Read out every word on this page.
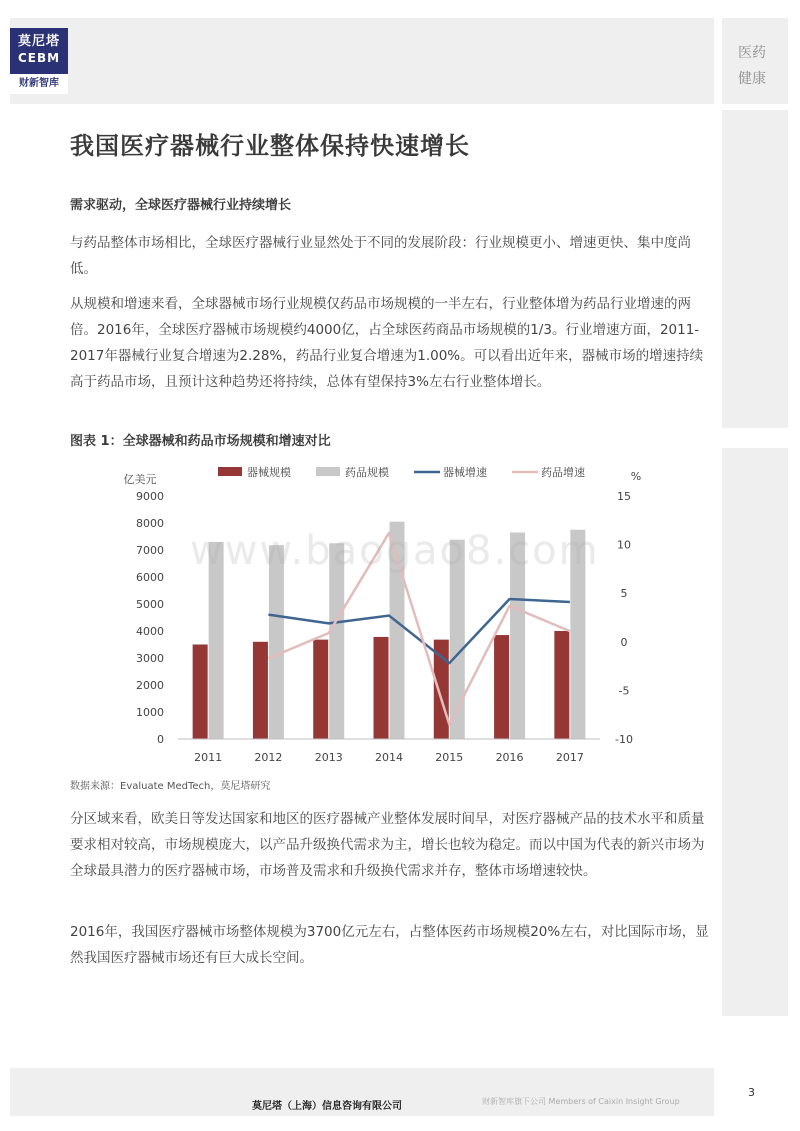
莫尼塔
CEBM
财新智库
医药
健康
我国医疗器械行业整体保持快速增长
需求驱动，全球医疗器械行业持续增长

与药品整体市场相比，全球医疗器械行业显然处于不同的发展阶段：行业规模更小、增速更快、集中度尚低。

从规模和增速来看，全球器械市场行业规模仅药品市场规模的一半左右，行业整体增为药品行业增速的两倍。2016年，全球医疗器械市场规模约4000亿，占全球医药商品市场规模的1/3。行业增速方面，2011-2017年器械行业复合增速为2.28%，药品行业复合增速为1.00%。可以看出近年来，器械市场的增速持续高于药品市场，且预计这种趋势还将持续，总体有望保持3%左右行业整体增长。

图表 1：全球器械和药品市场规模和增速对比
0
1000
2000
3000
4000
5000
6000
7000
8000
9000
-10
-5
0
5
10
15
亿美元	%
2011	2012	2013	2014	2015	2016	2017
器械规模	药品规模	器械增速	药品增速
数据来源：Evaluate MedTech，莫尼塔研究

分区域来看，欧美日等发达国家和地区的医疗器械产业整体发展时间早，对医疗器械产品的技术水平和质量要求相对较高，市场规模庞大，以产品升级换代需求为主，增长也较为稳定。而以中国为代表的新兴市场为全球最具潜力的医疗器械市场，市场普及需求和升级换代需求并存，整体市场增速较快。

2016年，我国医疗器械市场整体规模为3700亿元左右，占整体医药市场规模20%左右，对比国际市场，显然我国医疗器械市场还有巨大成长空间。

www.baogao8.com
莫尼塔（上海）信息咨询有限公司	财新智库旗下公司 Members of Caixin Insight Group
3
